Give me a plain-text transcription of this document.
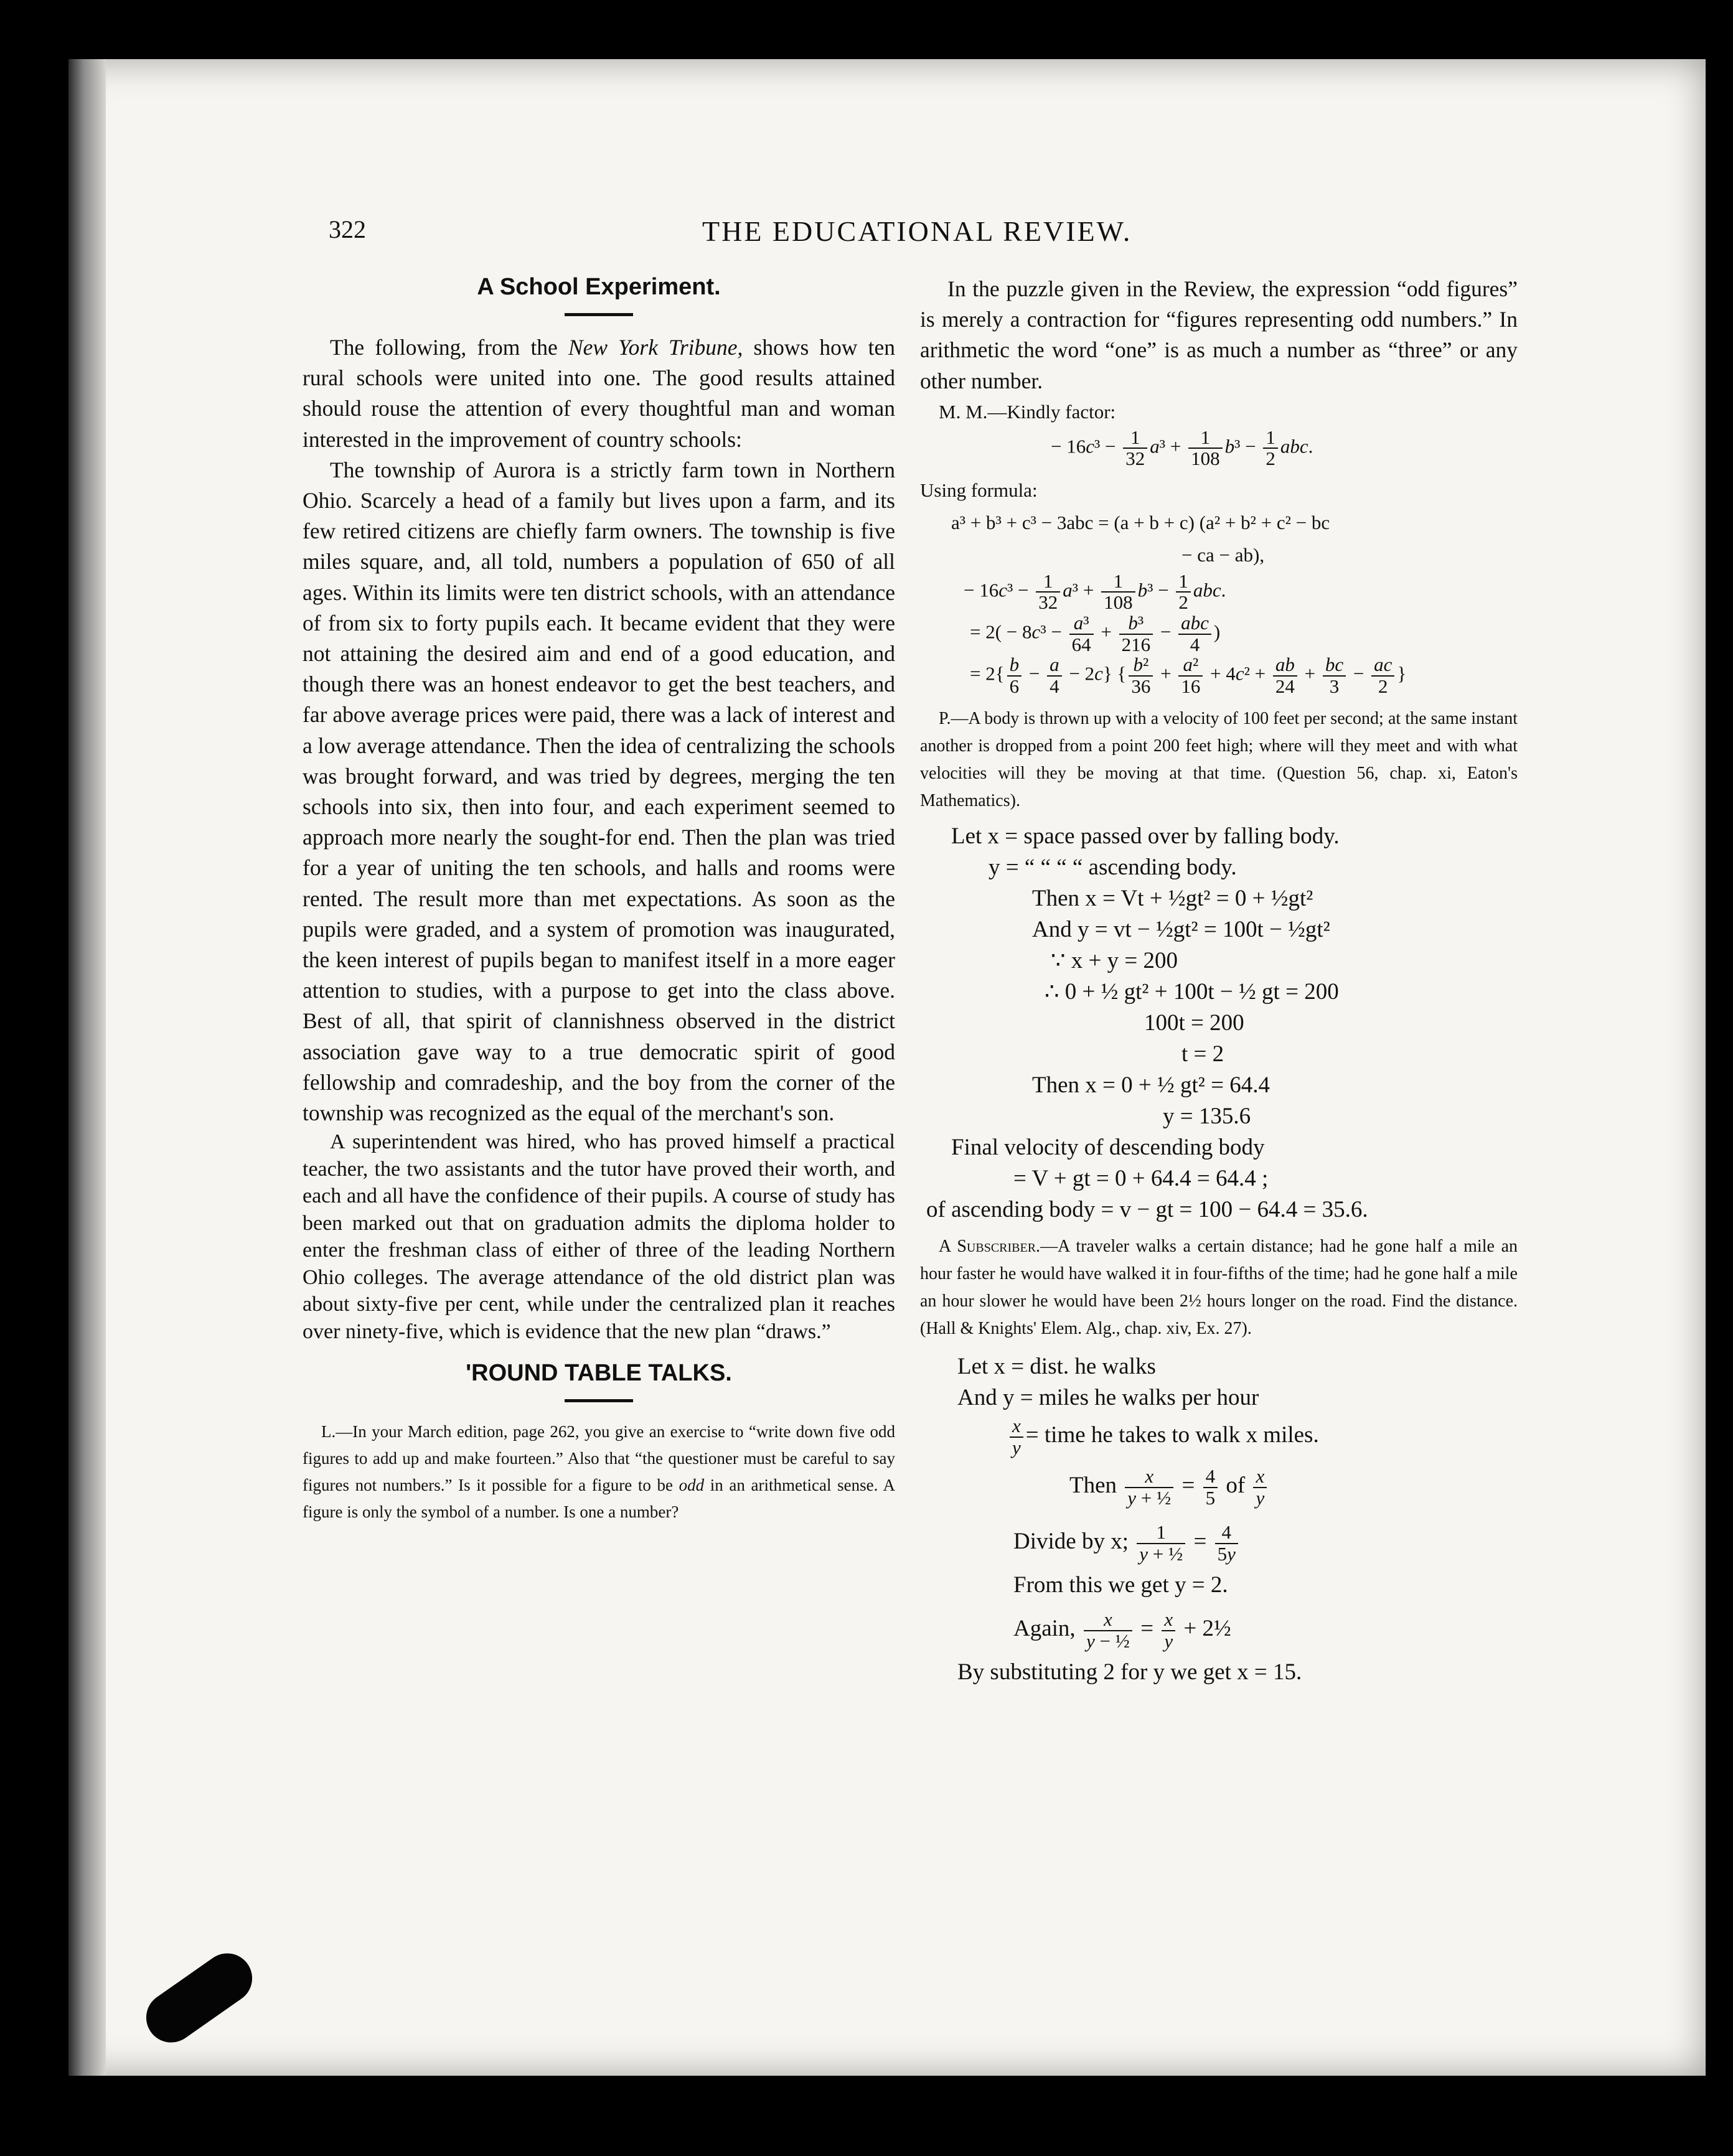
322	THE EDUCATIONAL REVIEW.
A School Experiment.

The following, from the New York Tribune, shows how ten rural schools were united into one. The good results attained should rouse the attention of every thoughtful man and woman interested in the improvement of country schools:

The township of Aurora is a strictly farm town in Northern Ohio. Scarcely a head of a family but lives upon a farm, and its few retired citizens are chiefly farm owners. The township is five miles square, and, all told, numbers a population of 650 of all ages. Within its limits were ten district schools, with an attendance of from six to forty pupils each. It became evident that they were not attaining the desired aim and end of a good education, and though there was an honest endeavor to get the best teachers, and far above average prices were paid, there was a lack of interest and a low average attendance. Then the idea of centralizing the schools was brought forward, and was tried by degrees, merging the ten schools into six, then into four, and each experiment seemed to approach more nearly the sought-for end. Then the plan was tried for a year of uniting the ten schools, and halls and rooms were rented. The result more than met expectations. As soon as the pupils were graded, and a system of promotion was inaugurated, the keen interest of pupils began to manifest itself in a more eager attention to studies, with a purpose to get into the class above. Best of all, that spirit of clannishness observed in the district association gave way to a true democratic spirit of good fellowship and comradeship, and the boy from the corner of the township was recognized as the equal of the merchant's son.

A superintendent was hired, who has proved himself a practical teacher, the two assistants and the tutor have proved their worth, and each and all have the confidence of their pupils. A course of study has been marked out that on graduation admits the diploma holder to enter the freshman class of either of three of the leading Northern Ohio colleges. The average attendance of the old district plan was about sixty-five per cent, while under the centralized plan it reaches over ninety-five, which is evidence that the new plan “draws.”

'ROUND TABLE TALKS.

L.—In your March edition, page 262, you give an exercise to “write down five odd figures to add up and make fourteen.” Also that “the questioner must be careful to say figures not numbers.” Is it possible for a figure to be odd in an arithmetical sense. A figure is only the symbol of a number. Is one a number?

In the puzzle given in the Review, the expression “odd figures” is merely a contraction for “figures representing odd numbers.” In arithmetic the word “one” is as much a number as “three” or any other number.

M. M.—Kindly factor:

− $16c^3 - \frac{1}{32} a^3 + \frac{1}{108} b^3 - \frac{1}{2}$ abc.
Using formula:
a³ + b³ + c³ − 3abc = (a + b + c) (a² + b² + c² − bc
− ca − ab),
− $16c^3 - \frac{1}{32} a^3 + \frac{1}{108} b^3 - \frac{1}{2}$ abc.
= $2( - 8c^3 - \frac{\text{a³}}{64} + \frac{\text{b³}}{216} - \frac{\text{abc}}{4}$ )
= $2\{ \frac{b}{6} - \frac{a}{4} - 2c\}$ { $\frac{\text{b²}}{36} + \frac{\text{a²}}{16} + 4c^2 + \frac{ab}{24} + \frac{bc}{3} - \frac{ac}{2}$ }

P.—A body is thrown up with a velocity of 100 feet per second; at the same instant another is dropped from a point 200 feet high; where will they meet and with what velocities will they be moving at that time. (Question 56, chap. xi, Eaton's Mathematics).

Let x = space passed over by falling body.
y = “ “ “ “ ascending body.
Then x = Vt + ½gt² = 0 + ½gt²
And y = vt − ½gt² = 100t − ½gt²
∵ x + y = 200
∴ 0 + ½ gt² + 100t − ½ gt = 200
100t = 200
t = 2
Then x = 0 + ½ gt² = 64.4
y = 135.6
Final velocity of descending body
= V + gt = 0 + 64.4 = 64.4 ;
of ascending body = v − gt = 100 − 64.4 = 35.6.

A Subscriber.—A traveler walks a certain distance; had he gone half a mile an hour faster he would have walked it in four-fifths of the time; had he gone half a mile an hour slower he would have been 2½ hours longer on the road. Find the distance. (Hall & Knights' Elem. Alg., chap. xiv, Ex. 27).

Let x = dist. he walks
And y = miles he walks per hour
$\frac{x}{y}$ = time he takes to walk x miles.
Then $\frac{x}{\text{y + ½}} = \frac{4}{5}$ of $\frac{x}{y}$
Divide by x; $\frac{1}{\text{y + ½}} = \frac{4}{5y}$
From this we get y = 2.
Again, $\frac{x}{\text{y − ½}} = \frac{x}{y}$ + 2½
By substituting 2 for y we get x = 15.
